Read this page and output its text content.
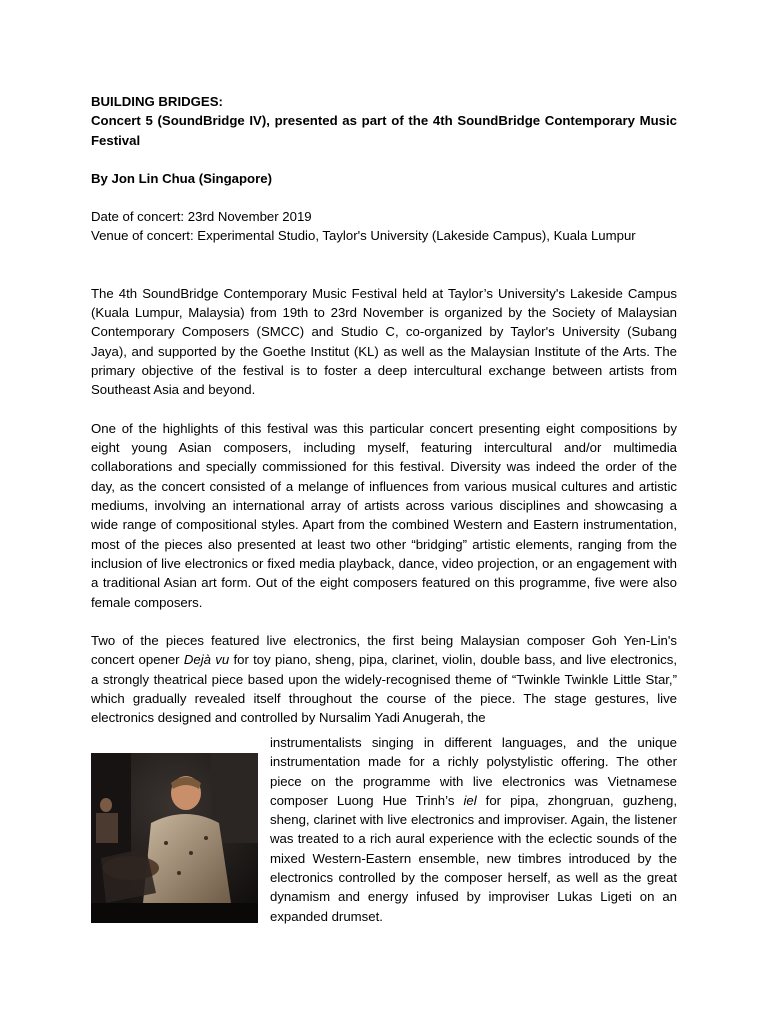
BUILDING BRIDGES:
Concert 5 (SoundBridge IV), presented as part of the 4th SoundBridge Contemporary Music Festival

By Jon Lin Chua (Singapore)

Date of concert: 23rd November 2019
Venue of concert: Experimental Studio, Taylor's University (Lakeside Campus), Kuala Lumpur

The 4th SoundBridge Contemporary Music Festival held at Taylor’s University's Lakeside Campus (Kuala Lumpur, Malaysia) from 19th to 23rd November is organized by the Society of Malaysian Contemporary Composers (SMCC) and Studio C, co-organized by Taylor's University (Subang Jaya), and supported by the Goethe Institut (KL) as well as the Malaysian Institute of the Arts. The primary objective of the festival is to foster a deep intercultural exchange between artists from Southeast Asia and beyond.

One of the highlights of this festival was this particular concert presenting eight compositions by eight young Asian composers, including myself, featuring intercultural and/or multimedia collaborations and specially commissioned for this festival. Diversity was indeed the order of the day, as the concert consisted of a melange of influences from various musical cultures and artistic mediums, involving an international array of artists across various disciplines and showcasing a wide range of compositional styles. Apart from the combined Western and Eastern instrumentation, most of the pieces also presented at least two other “bridging” artistic elements, ranging from the inclusion of live electronics or fixed media playback, dance, video projection, or an engagement with a traditional Asian art form. Out of the eight composers featured on this programme, five were also female composers.

Two of the pieces featured live electronics, the first being Malaysian composer Goh Yen-Lin's concert opener Dejà vu for toy piano, sheng, pipa, clarinet, violin, double bass, and live electronics, a strongly theatrical piece based upon the widely-recognised theme of “Twinkle Twinkle Little Star,” which gradually revealed itself throughout the course of the piece. The stage gestures, live electronics designed and controlled by Nursalim Yadi Anugerah, the

instrumentalists singing in different languages, and the unique instrumentation made for a richly polystylistic offering. The other piece on the programme with live electronics was Vietnamese composer Luong Hue Trinh’s iel for pipa, zhongruan, guzheng, sheng, clarinet with live electronics and improviser. Again, the listener was treated to a rich aural experience with the eclectic sounds of the mixed Western-Eastern ensemble, new timbres introduced by the electronics controlled by the composer herself, as well as the great dynamism and energy infused by improviser Lukas Ligeti on an expanded drumset.
